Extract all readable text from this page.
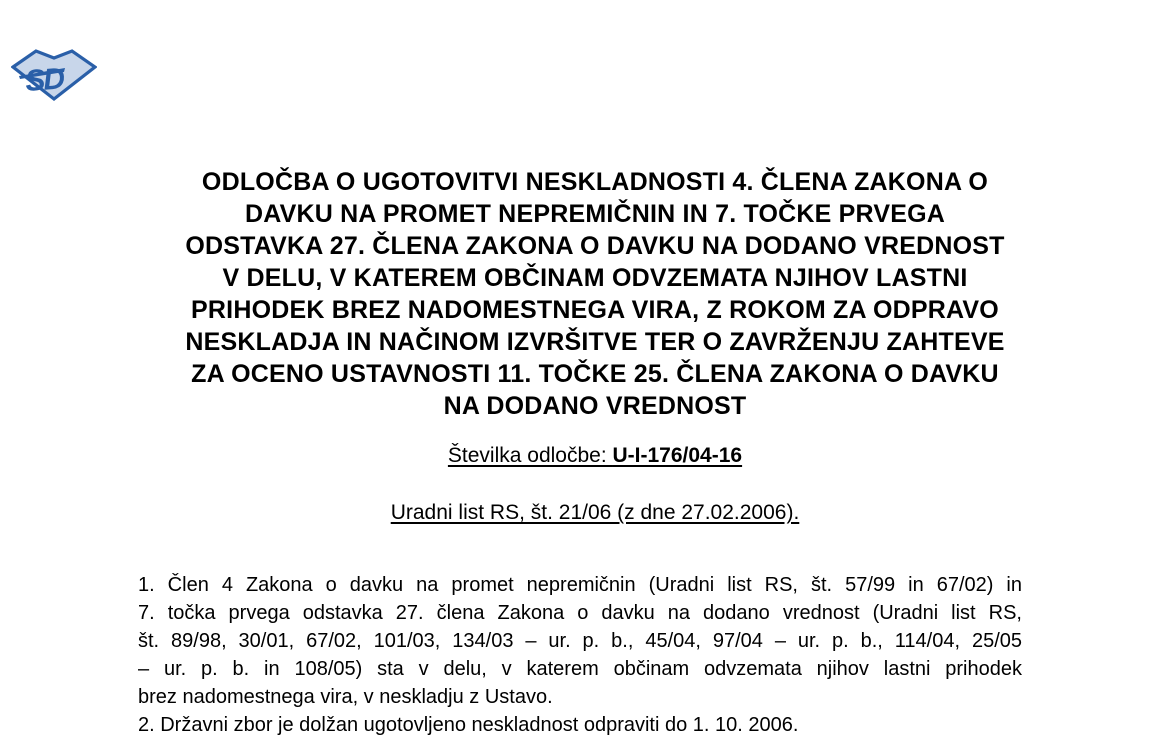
SD
ODLOČBA O UGOTOVITVI NESKLADNOSTI 4. ČLENA ZAKONA O
DAVKU NA PROMET NEPREMIČNIN IN 7. TOČKE PRVEGA
ODSTAVKA 27. ČLENA ZAKONA O DAVKU NA DODANO VREDNOST
V DELU, V KATEREM OBČINAM ODVZEMATA NJIHOV LASTNI
PRIHODEK BREZ NADOMESTNEGA VIRA, Z ROKOM ZA ODPRAVO
NESKLADJA IN NAČINOM IZVRŠITVE TER O ZAVRŽENJU ZAHTEVE
ZA OCENO USTAVNOSTI 11. TOČKE 25. ČLENA ZAKONA O DAVKU
NA DODANO VREDNOST
Številka odločbe: U-I-176/04-16
Uradni list RS, št. 21/06 (z dne 27.02.2006).
1. Člen 4 Zakona o davku na promet nepremičnin (Uradni list RS, št. 57/99 in 67/02) in
7. točka prvega odstavka 27. člena Zakona o davku na dodano vrednost (Uradni list RS,
št. 89/98, 30/01, 67/02, 101/03, 134/03 – ur. p. b., 45/04, 97/04 – ur. p. b., 114/04, 25/05
– ur. p. b. in 108/05) sta v delu, v katerem občinam odvzemata njihov lastni prihodek
brez nadomestnega vira, v neskladju z Ustavo.
2. Državni zbor je dolžan ugotovljeno neskladnost odpraviti do 1. 10. 2006.
